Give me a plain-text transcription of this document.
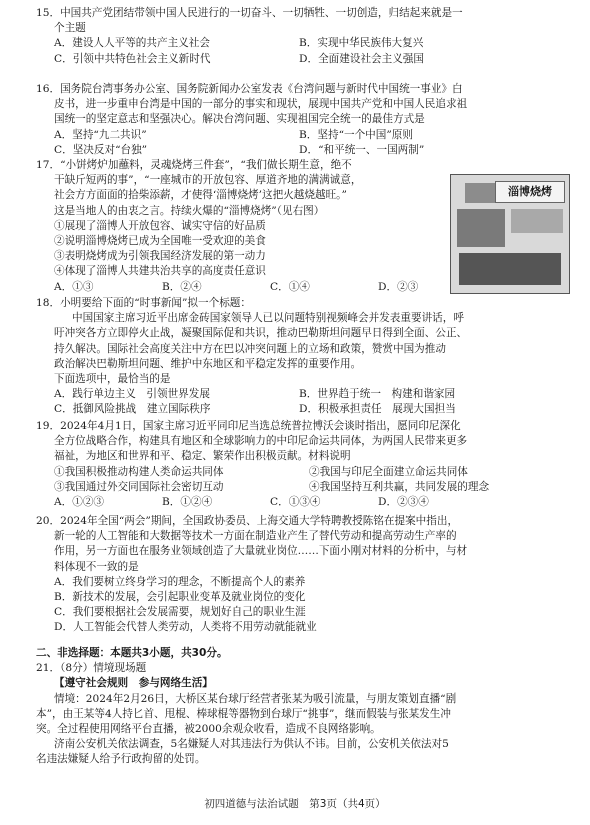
15．中国共产党团结带领中国人民进行的一切奋斗、一切牺牲、一切创造，归结起来就是一
个主题
A．建设人人平等的共产主义社会	B．实现中华民族伟大复兴
C．引领中共特色社会主义新时代	D．全面建设社会主义强国
16．国务院台湾事务办公室、国务院新闻办公室发表《台湾问题与新时代中国统一事业》白
皮书，进一步重申台湾是中国的一部分的事实和现状，展现中国共产党和中国人民追求祖
国统一的坚定意志和坚强决心。解决台湾问题、实现祖国完全统一的最佳方式是
A．坚持“九二共识”	B．坚持“一个中国”原则
C．坚决反对“台独”	D．“和平统一、一国两制”
17．“小饼烤炉加蘸料，灵魂烧烤三件套”，“我们做长期生意，绝不
干缺斤短两的事”，“一座城市的开放包容、厚道齐地的满满诚意，
社会方方面面的拾柴添薪，才使得‘淄博烧烤’这把火越烧越旺。”
这是当地人的由衷之言。持续火爆的“淄博烧烤”（见右图）
①展现了淄博人开放包容、诚实守信的好品质
②说明淄博烧烤已成为全国唯一受欢迎的美食
③表明烧烤成为引领我国经济发展的第一动力
④体现了淄博人共建共治共享的高度责任意识
A．①③	B．②④	C．①④	D．②③
淄博烧烤
18．小明要给下面的“时事新闻”拟一个标题：
中国国家主席习近平出席金砖国家领导人已以问题特别视频峰会并发表重要讲话，呼
吁冲突各方立即停火止战，凝聚国际促和共识，推动巴勒斯坦问题早日得到全面、公正、
持久解决。国际社会高度关注中方在巴以冲突问题上的立场和政策，赞赏中国为推动
政治解决巴勒斯坦问题、维护中东地区和平稳定发挥的重要作用。
下面选项中，最恰当的是
A．践行单边主义　引领世界发展	B．世界趋于统一　构建和谐家园
C．抵御风险挑战　建立国际秩序	D．积极承担责任　展现大国担当
19．2024年4月1日，国家主席习近平同印尼当选总统普拉博沃会谈时指出，愿同印尼深化
全方位战略合作，构建具有地区和全球影响力的中印尼命运共同体，为两国人民带来更多
福祉，为地区和世界和平、稳定、繁荣作出积极贡献。材料说明
①我国积极推动构建人类命运共同体	②我国与印尼全面建立命运共同体
③我国通过外交同国际社会密切互动	④我国坚持互利共赢，共同发展的理念
A．①②③	B．①②④	C．①③④	D．②③④
20．2024年全国“两会”期间，全国政协委员、上海交通大学特聘教授陈铭在提案中指出，
新一轮的人工智能和大数据等技术一方面在制造业产生了替代劳动和提高劳动生产率的
作用，另一方面也在服务业领域创造了大量就业岗位……下面小刚对材料的分析中，与材
料体现不一致的是
A．我们要树立终身学习的理念，不断提高个人的素养
B．新技术的发展，会引起职业变革及就业岗位的变化
C．我们要根据社会发展需要，规划好自己的职业生涯
D．人工智能会代替人类劳动，人类将不用劳动就能就业
二、非选择题：本题共3小题，共30分。
21．（8分）情境现场题
【遵守社会规则　参与网络生活】
情境：2024年2月26日，大桥区某台球厅经营者张某为吸引流量，与朋友策划直播“剧
本”，由王某等4人持匕首、甩棍、棒球棍等器物到台球厅“挑事”，继而假装与张某发生冲
突。全过程使用网络平台直播，被2000余观众收看，造成不良网络影响。
济南公安机关依法调查，5名嫌疑人对其违法行为供认不讳。目前，公安机关依法对5
名违法嫌疑人给予行政拘留的处罚。
初四道德与法治试题　第3页（共4页）
